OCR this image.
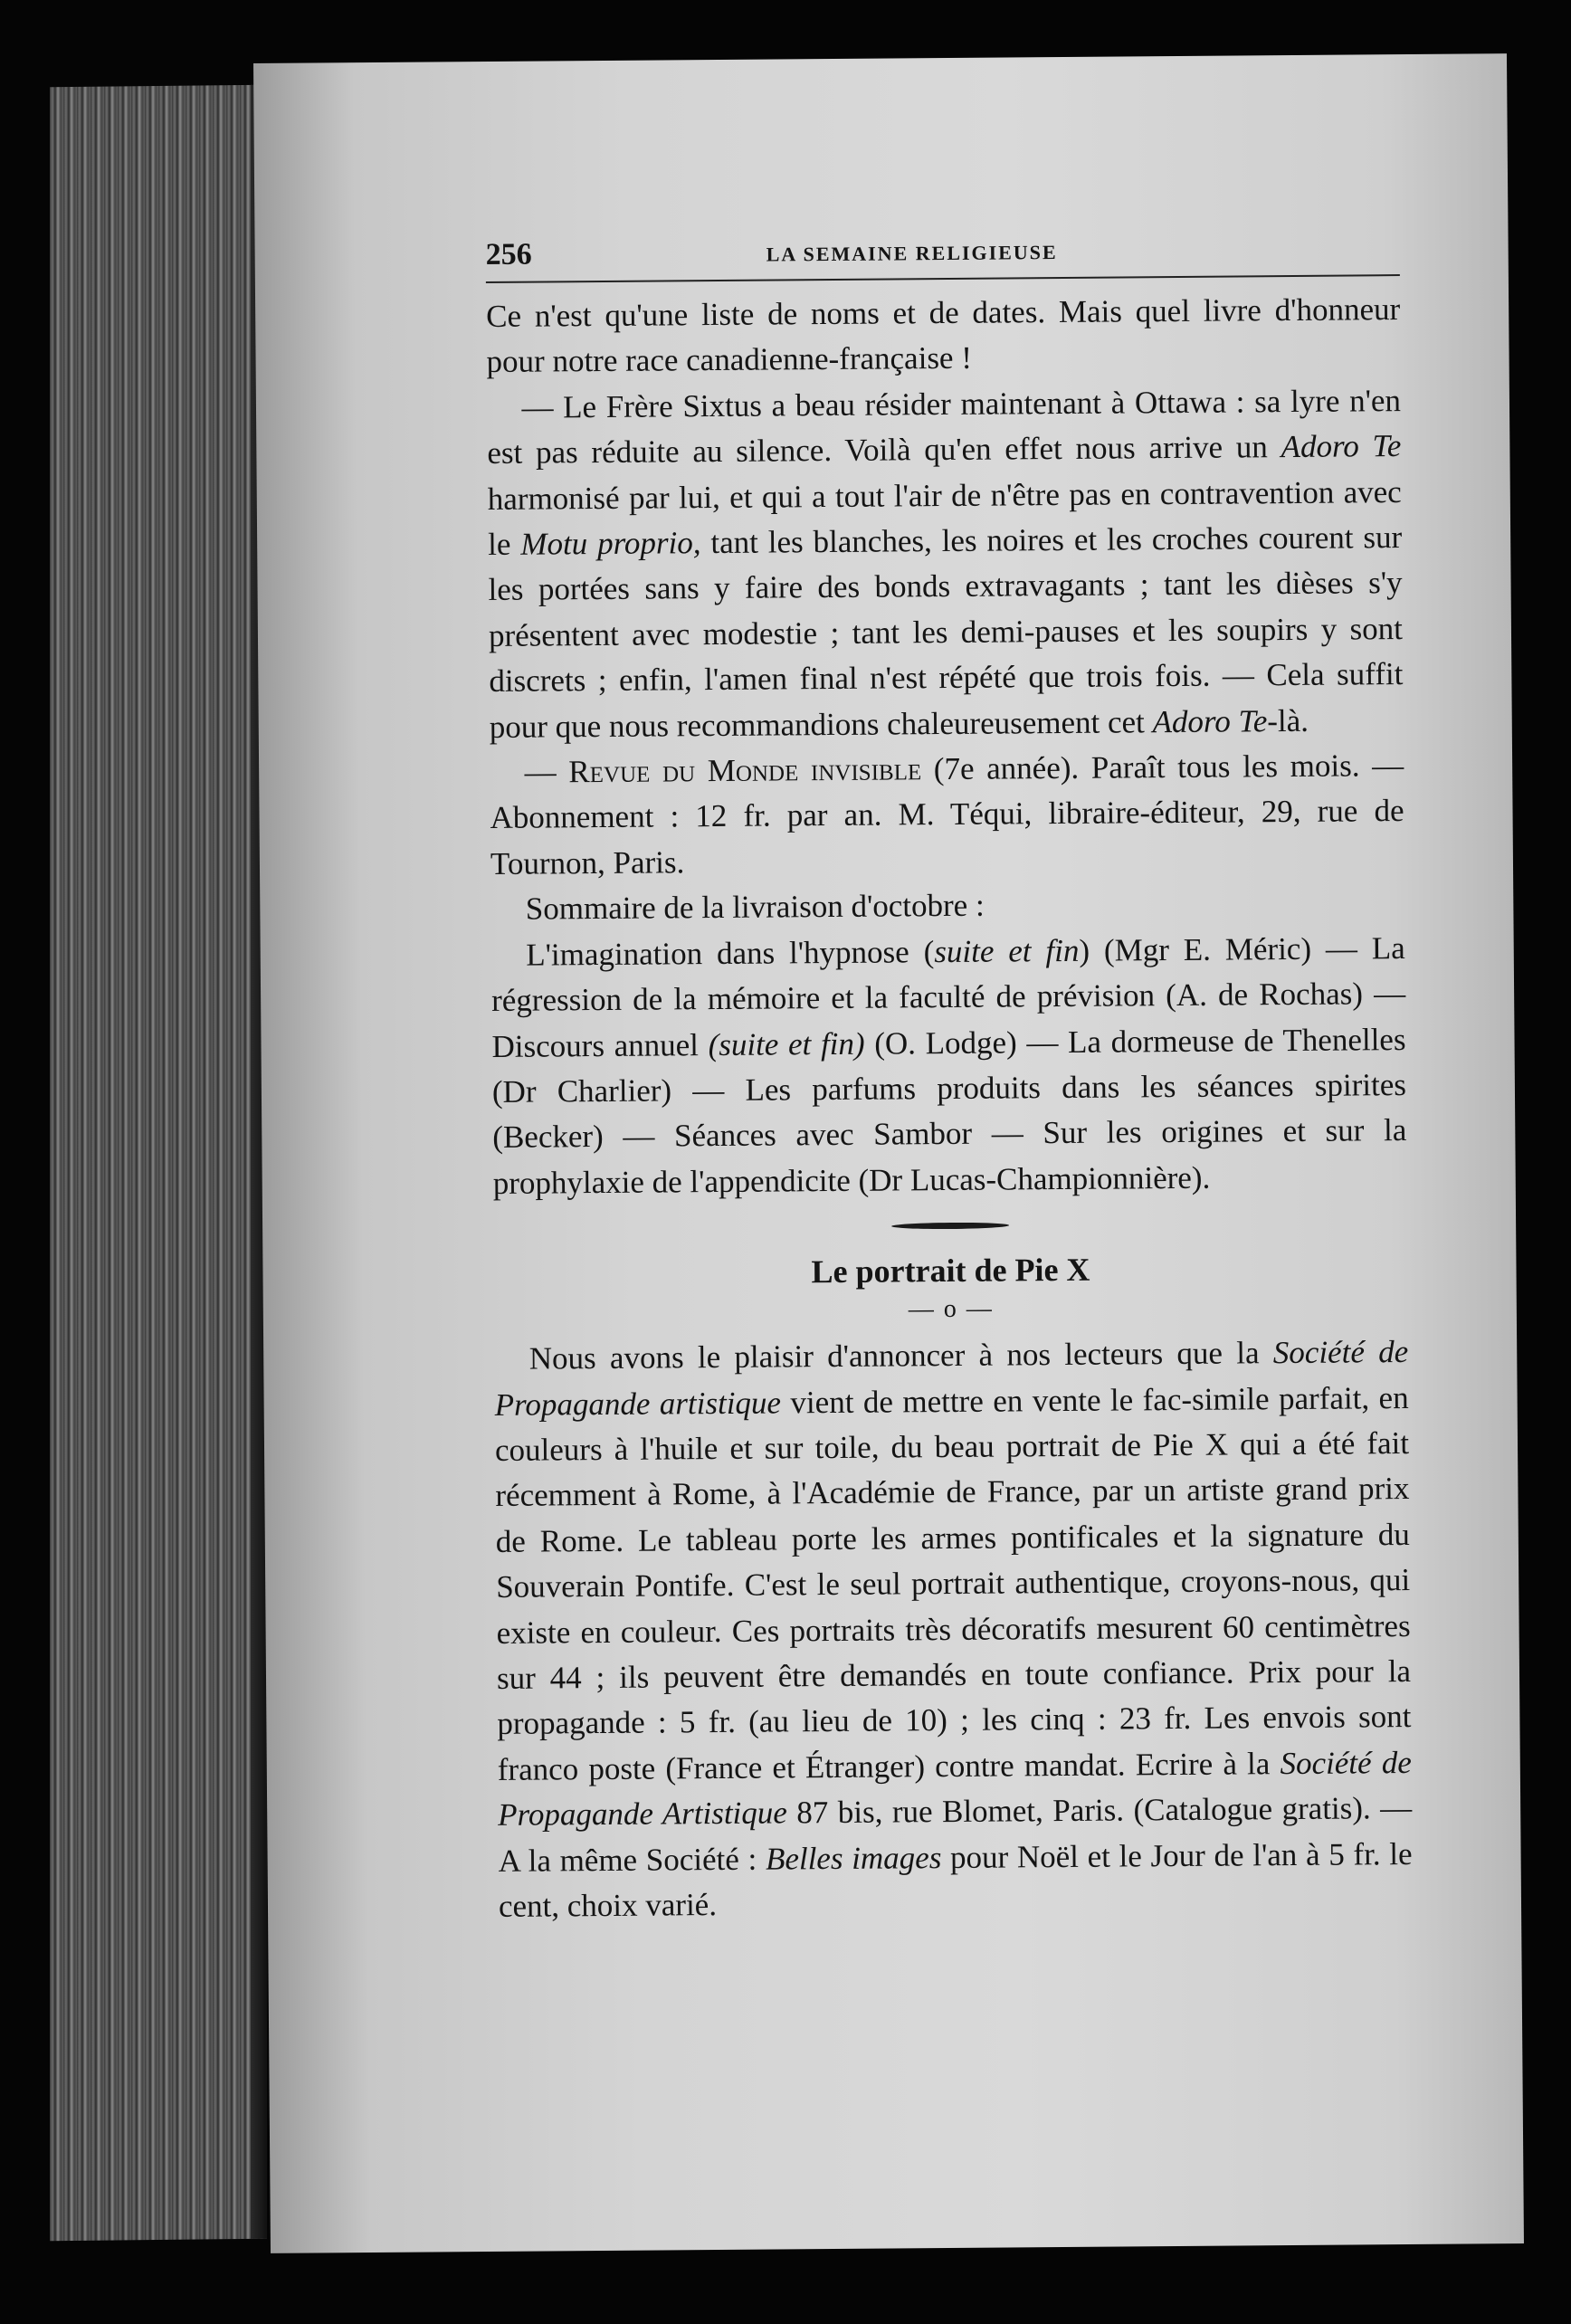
256	LA SEMAINE RELIGIEUSE

Ce n'est qu'une liste de noms et de dates. Mais quel livre d'honneur pour notre race canadienne-française !

— Le Frère Sixtus a beau résider maintenant à Ottawa : sa lyre n'en est pas réduite au silence. Voilà qu'en effet nous arrive un Adoro Te harmonisé par lui, et qui a tout l'air de n'être pas en contravention avec le Motu proprio, tant les blanches, les noires et les croches courent sur les portées sans y faire des bonds extravagants ; tant les dièses s'y présentent avec modestie ; tant les demi-pauses et les soupirs y sont discrets ; enfin, l'amen final n'est répété que trois fois. — Cela suffit pour que nous recommandions chaleureusement cet Adoro Te-là.

— Revue du Monde invisible (7e année). Paraît tous les mois. — Abonnement : 12 fr. par an. M. Téqui, libraire-éditeur, 29, rue de Tournon, Paris.

Sommaire de la livraison d'octobre :

L'imagination dans l'hypnose (suite et fin) (Mgr E. Méric) — La régression de la mémoire et la faculté de prévision (A. de Rochas) — Discours annuel (suite et fin) (O. Lodge) — La dormeuse de Thenelles (Dr Charlier) — Les parfums produits dans les séances spirites (Becker) — Séances avec Sambor — Sur les origines et sur la prophylaxie de l'appendicite (Dr Lucas-Championnière).

Le portrait de Pie X
— o —

Nous avons le plaisir d'annoncer à nos lecteurs que la Société de Propagande artistique vient de mettre en vente le fac-simile parfait, en couleurs à l'huile et sur toile, du beau portrait de Pie X qui a été fait récemment à Rome, à l'Académie de France, par un artiste grand prix de Rome. Le tableau porte les armes pontificales et la signature du Souverain Pontife. C'est le seul portrait authentique, croyons-nous, qui existe en couleur. Ces portraits très décoratifs mesurent 60 centimètres sur 44 ; ils peuvent être demandés en toute confiance. Prix pour la propagande : 5 fr. (au lieu de 10) ; les cinq : 23 fr. Les envois sont franco poste (France et Étranger) contre mandat. Ecrire à la Société de Propagande Artistique 87 bis, rue Blomet, Paris. (Catalogue gratis). — A la même Société : Belles images pour Noël et le Jour de l'an à 5 fr. le cent, choix varié.
